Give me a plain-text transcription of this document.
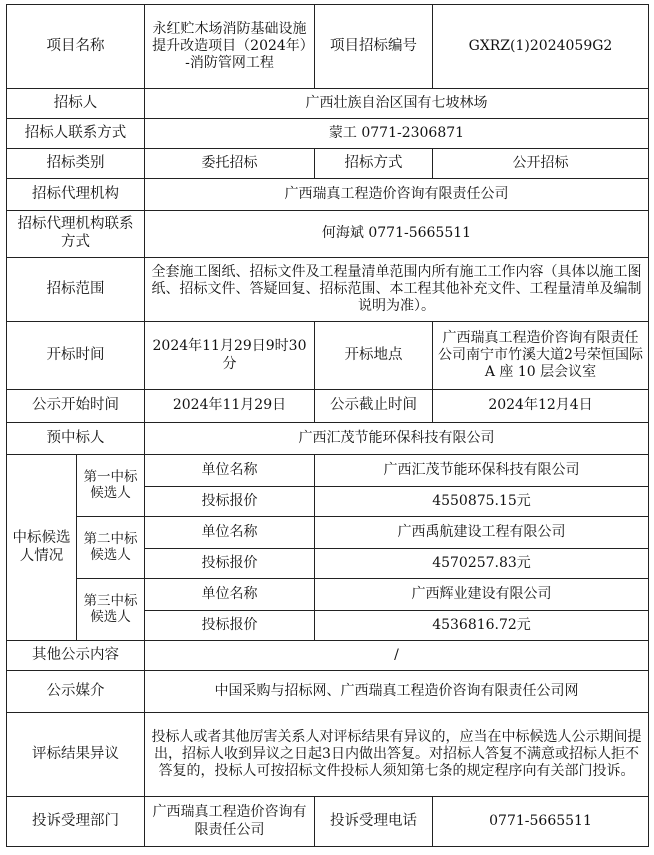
项目名称		永红贮木场消防基础设施提升改造项目（2024年）-消防管网工程	项目招标编号	GXRZ(1)2024059G2
招标人		广西壮族自治区国有七坡林场		
招标人联系方式		蒙工 0771-2306871		
招标类别		委托招标	招标方式	公开招标
招标代理机构		广西瑞真工程造价咨询有限责任公司		
招标代理机构联系方式		何海斌 0771-5665511		
招标范围		全套施工图纸、招标文件及工程量清单范围内所有施工工作内容（具体以施工图纸、招标文件、答疑回复、招标范围、本工程其他补充文件、工程量清单及编制说明为准）。		
开标时间		2024年11月29日9时30分	开标地点	广西瑞真工程造价咨询有限责任公司南宁市竹溪大道2号荣恒国际 A 座 10 层会议室
公示开始时间		2024年11月29日	公示截止时间	2024年12月4日
预中标人		广西汇茂节能环保科技有限公司		
中标候选人情况	第一中标候选人	单位名称	广西汇茂节能环保科技有限公司	
		投标报价	4550875.15元	
	第二中标候选人	单位名称	广西禹航建设工程有限公司	
		投标报价	4570257.83元	
	第三中标候选人	单位名称	广西辉业建设有限公司	
		投标报价	4536816.72元	
其他公示内容		/		
公示媒介		中国采购与招标网、广西瑞真工程造价咨询有限责任公司网		
评标结果异议		投标人或者其他厉害关系人对评标结果有异议的，应当在中标候选人公示期间提出，招标人收到异议之日起3日内做出答复。对招标人答复不满意或招标人拒不答复的，投标人可按招标文件投标人须知第七条的规定程序向有关部门投诉。		
投诉受理部门		广西瑞真工程造价咨询有限责任公司	投诉受理电话	0771-5665511
